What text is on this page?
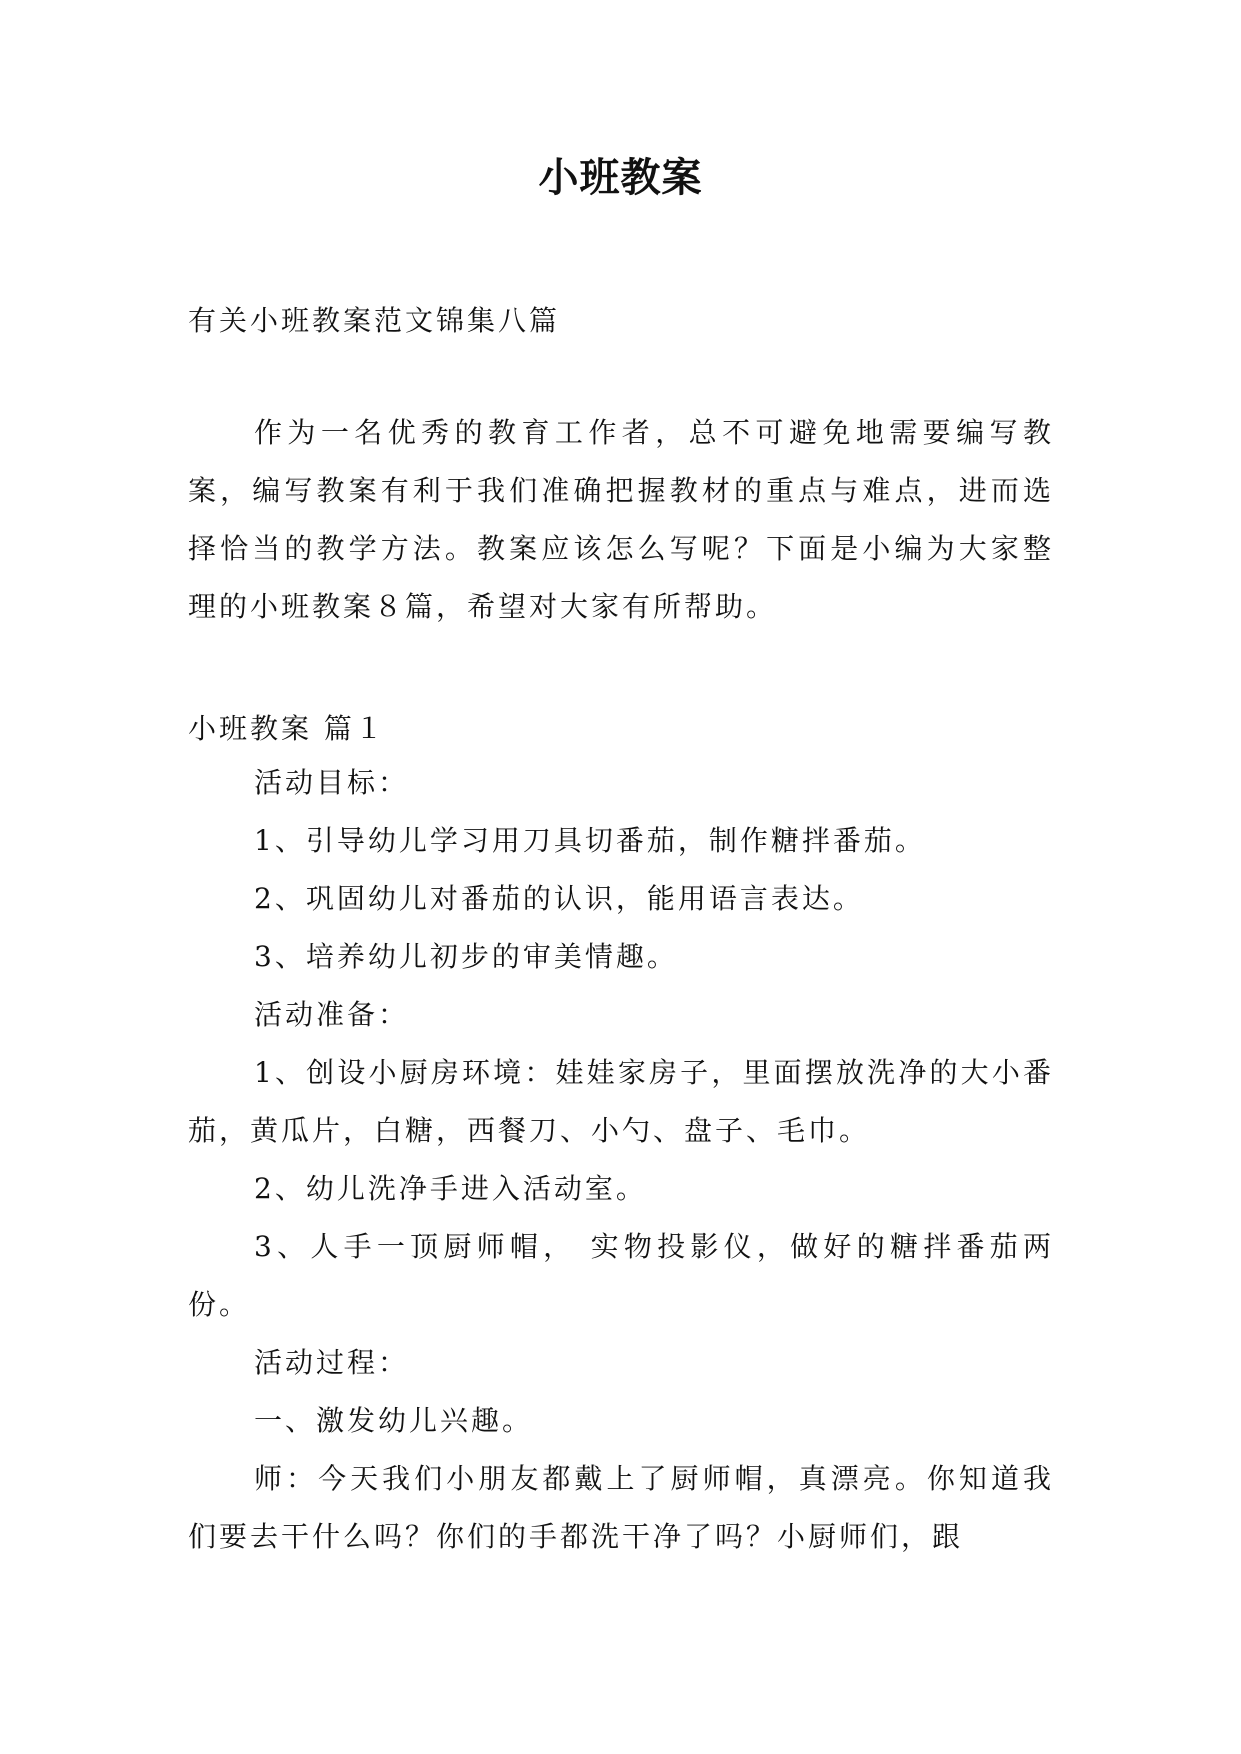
小班教案

有关小班教案范文锦集八篇

作为一名优秀的教育工作者，总不可避免地需要编写教案，编写教案有利于我们准确把握教材的重点与难点，进而选择恰当的教学方法。教案应该怎么写呢？下面是小编为大家整理的小班教案８篇，希望对大家有所帮助。

小班教案 篇１

活动目标：

1、引导幼儿学习用刀具切番茄，制作糖拌番茄。

2、巩固幼儿对番茄的认识，能用语言表达。

3、培养幼儿初步的审美情趣。

活动准备：

1、创设小厨房环境：娃娃家房子，里面摆放洗净的大小番茄，黄瓜片，白糖，西餐刀、小勺、盘子、毛巾。

2、幼儿洗净手进入活动室。

3、人手一顶厨师帽， 实物投影仪，做好的糖拌番茄两份。

活动过程：

一、激发幼儿兴趣。

师：今天我们小朋友都戴上了厨师帽，真漂亮。你知道我们要去干什么吗？你们的手都洗干净了吗？小厨师们，跟
